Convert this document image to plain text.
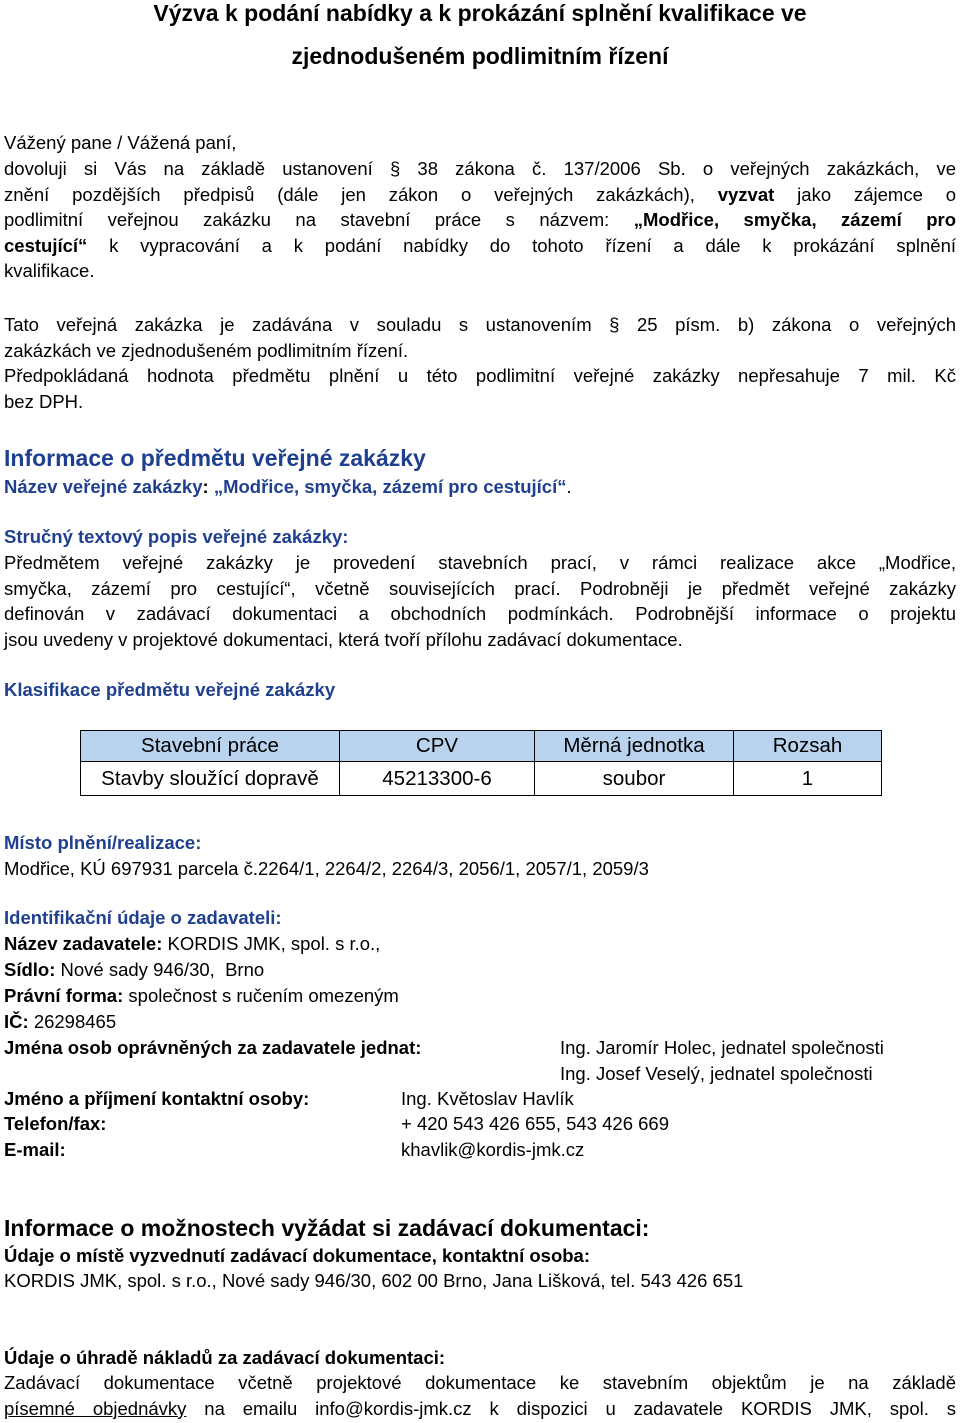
Výzva k podání nabídky a k prokázání splnění kvalifikace ve
zjednodušeném podlimitním řízení
Vážený pane / Vážená paní,
dovoluji si Vás na základě ustanovení § 38 zákona č. 137/2006 Sb. o veřejných zakázkách, ve
znění pozdějších předpisů (dále jen zákon o veřejných zakázkách), vyzvat jako zájemce o
podlimitní veřejnou zakázku na stavební práce s názvem: „Modřice, smyčka, zázemí pro
cestující“ k vypracování a k podání nabídky do tohoto řízení a dále k prokázání splnění
kvalifikace.
Tato veřejná zakázka je zadávána v souladu s ustanovením § 25 písm. b) zákona o veřejných
zakázkách ve zjednodušeném podlimitním řízení.
Předpokládaná hodnota předmětu plnění u této podlimitní veřejné zakázky nepřesahuje 7 mil. Kč
bez DPH.
Informace o předmětu veřejné zakázky
Název veřejné zakázky: „Modřice, smyčka, zázemí pro cestující“.
Stručný textový popis veřejné zakázky:
Předmětem veřejné zakázky je provedení stavebních prací, v rámci realizace akce „Modřice,
smyčka, zázemí pro cestující“, včetně souvisejících prací. Podrobněji je předmět veřejné zakázky
definován v zadávací dokumentaci a obchodních podmínkách. Podrobnější informace o projektu
jsou uvedeny v projektové dokumentaci, která tvoří přílohu zadávací dokumentace.
Klasifikace předmětu veřejné zakázky
Stavební práce	CPV	Měrná jednotka	Rozsah
Stavby sloužící dopravě	45213300-6	soubor	1
Místo plnění/realizace:
Modřice, KÚ 697931 parcela č.2264/1, 2264/2, 2264/3, 2056/1, 2057/1, 2059/3
Identifikační údaje o zadavateli:
Název zadavatele: KORDIS JMK, spol. s r.o.,
Sídlo: Nové sady 946/30,  Brno
Právní forma: společnost s ručením omezeným
IČ: 26298465
Jména osob oprávněných za zadavatele jednat:	Ing. Jaromír Holec, jednatel společnosti
Ing. Josef Veselý, jednatel společnosti
Jméno a příjmení kontaktní osoby:	Ing. Květoslav Havlík
Telefon/fax:	+ 420 543 426 655, 543 426 669
E-mail:	khavlik@kordis-jmk.cz
Informace o možnostech vyžádat si zadávací dokumentaci:
Údaje o místě vyzvednutí zadávací dokumentace, kontaktní osoba:
KORDIS JMK, spol. s r.o., Nové sady 946/30, 602 00 Brno, Jana Lišková, tel. 543 426 651
Údaje o úhradě nákladů za zadávací dokumentaci:
Zadávací dokumentace včetně projektové dokumentace ke stavebním objektům je na základě
písemné objednávky na emailu info@kordis-jmk.cz k dispozici u zadavatele KORDIS JMK, spol. s
